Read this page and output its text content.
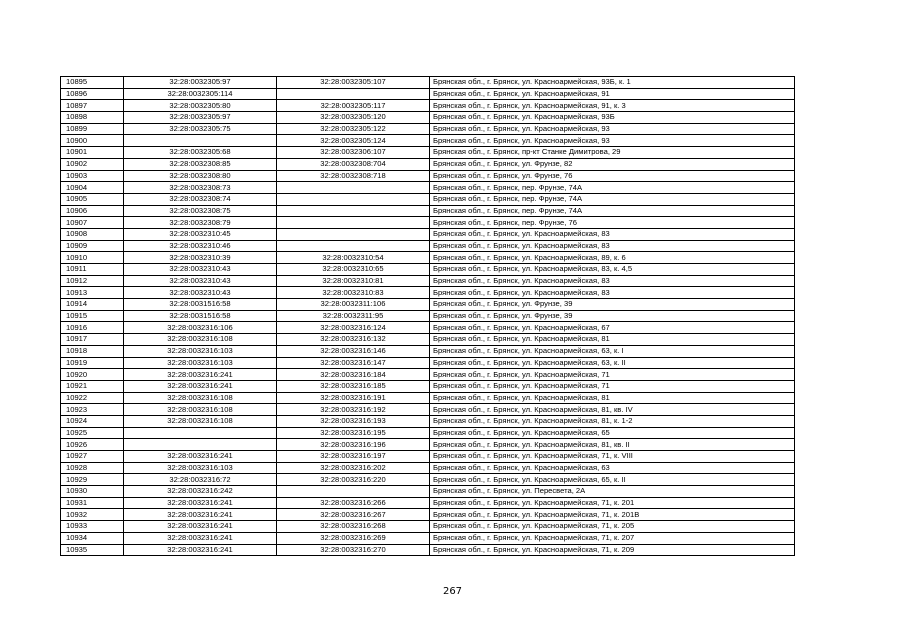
10895	32:28:0032305:97	32:28:0032305:107	Брянская обл., г. Брянск, ул. Красноармейская, 93Б, к. 1
10896	32:28:0032305:114		Брянская обл., г. Брянск, ул. Красноармейская, 91
10897	32:28:0032305:80	32:28:0032305:117	Брянская обл., г. Брянск, ул. Красноармейская, 91, к. 3
10898	32:28:0032305:97	32:28:0032305:120	Брянская обл., г. Брянск, ул. Красноармейская, 93Б
10899	32:28:0032305:75	32:28:0032305:122	Брянская обл., г. Брянск, ул. Красноармейская, 93
10900		32:28:0032305:124	Брянская обл., г. Брянск, ул. Красноармейская, 93
10901	32:28:0032305:68	32:28:0032306:107	Брянская обл., г. Брянск, пр-кт Станке Димитрова, 29
10902	32:28:0032308:85	32:28:0032308:704	Брянская обл., г. Брянск, ул. Фрунзе, 82
10903	32:28:0032308:80	32:28:0032308:718	Брянская обл., г. Брянск, ул. Фрунзе, 76
10904	32:28:0032308:73		Брянская обл., г. Брянск, пер. Фрунзе, 74А
10905	32:28:0032308:74		Брянская обл., г. Брянск, пер. Фрунзе, 74А
10906	32:28:0032308:75		Брянская обл., г. Брянск, пер. Фрунзе, 74А
10907	32:28:0032308:79		Брянская обл., г. Брянск, пер. Фрунзе, 76
10908	32:28:0032310:45		Брянская обл., г. Брянск, ул. Красноармейская, 83
10909	32:28:0032310:46		Брянская обл., г. Брянск, ул. Красноармейская, 83
10910	32:28:0032310:39	32:28:0032310:54	Брянская обл., г. Брянск, ул. Красноармейская, 89, к. 6
10911	32:28:0032310:43	32:28:0032310:65	Брянская обл., г. Брянск, ул. Красноармейская, 83, к. 4,5
10912	32:28:0032310:43	32:28:0032310:81	Брянская обл., г. Брянск, ул. Красноармейская, 83
10913	32:28:0032310:43	32:28:0032310:83	Брянская обл., г. Брянск, ул. Красноармейская, 83
10914	32:28:0031516:58	32:28:0032311:106	Брянская обл., г. Брянск, ул. Фрунзе, 39
10915	32:28:0031516:58	32:28:0032311:95	Брянская обл., г. Брянск, ул. Фрунзе, 39
10916	32:28:0032316:106	32:28:0032316:124	Брянская обл., г. Брянск, ул. Красноармейская, 67
10917	32:28:0032316:108	32:28:0032316:132	Брянская обл., г. Брянск, ул. Красноармейская, 81
10918	32:28:0032316:103	32:28:0032316:146	Брянская обл., г. Брянск, ул. Красноармейская, 63, к. I
10919	32:28:0032316:103	32:28:0032316:147	Брянская обл., г. Брянск, ул. Красноармейская, 63, к. II
10920	32:28:0032316:241	32:28:0032316:184	Брянская обл., г. Брянск, ул. Красноармейская, 71
10921	32:28:0032316:241	32:28:0032316:185	Брянская обл., г. Брянск, ул. Красноармейская, 71
10922	32:28:0032316:108	32:28:0032316:191	Брянская обл., г. Брянск, ул. Красноармейская, 81
10923	32:28:0032316:108	32:28:0032316:192	Брянская обл., г. Брянск, ул. Красноармейская, 81, кв. IV
10924	32:28:0032316:108	32:28:0032316:193	Брянская обл., г. Брянск, ул. Красноармейская, 81, к. 1-2
10925		32:28:0032316:195	Брянская обл., г. Брянск, ул. Красноармейская, 65
10926		32:28:0032316:196	Брянская обл., г. Брянск, ул. Красноармейская, 81, кв. II
10927	32:28:0032316:241	32:28:0032316:197	Брянская обл., г. Брянск, ул. Красноармейская, 71, к. VIII
10928	32:28:0032316:103	32:28:0032316:202	Брянская обл., г. Брянск, ул. Красноармейская, 63
10929	32:28:0032316:72	32:28:0032316:220	Брянская обл., г. Брянск, ул. Красноармейская, 65, к. II
10930	32:28:0032316:242		Брянская обл., г. Брянск, ул. Пересвета, 2А
10931	32:28:0032316:241	32:28:0032316:266	Брянская обл., г. Брянск, ул. Красноармейская, 71, к. 201
10932	32:28:0032316:241	32:28:0032316:267	Брянская обл., г. Брянск, ул. Красноармейская, 71, к. 201В
10933	32:28:0032316:241	32:28:0032316:268	Брянская обл., г. Брянск, ул. Красноармейская, 71, к. 205
10934	32:28:0032316:241	32:28:0032316:269	Брянская обл., г. Брянск, ул. Красноармейская, 71, к. 207
10935	32:28:0032316:241	32:28:0032316:270	Брянская обл., г. Брянск, ул. Красноармейская, 71, к. 209
267
